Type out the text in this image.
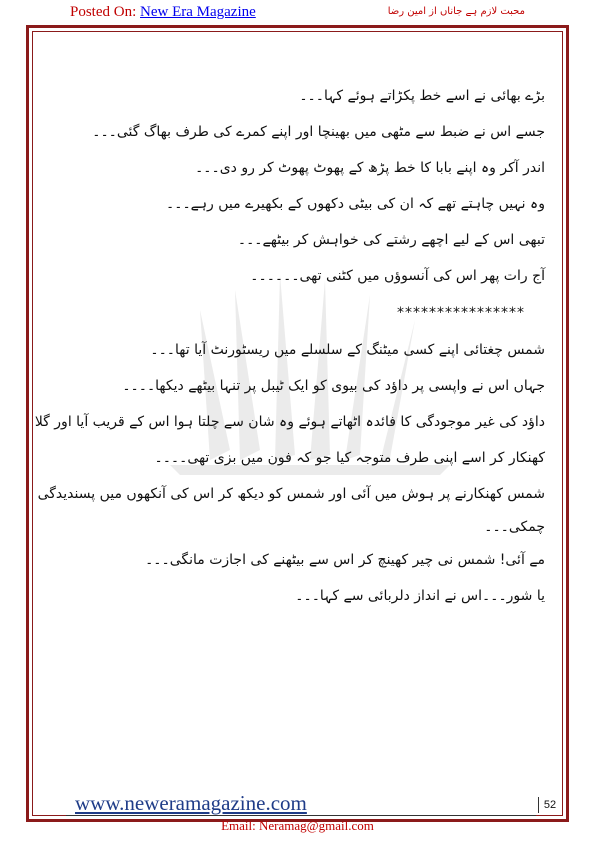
Posted On: New Era Magazine	محبت لازم ہے جاناں از امین رضا
بڑے بھائی نے اسے خط پکڑاتے ہوئے کہا۔۔۔
جسے اس نے ضبط سے مٹھی میں بھینچا اور اپنے کمرے کی طرف بھاگ گئی۔۔۔
اندر آکر وہ اپنے بابا کا خط پڑھ کے پھوٹ پھوٹ کر رو دی۔۔۔
وہ نہیں چاہتے تھے کہ ان کی بیٹی دکھوں کے بکھیرے میں رہے۔۔۔
تبھی اس کے لیے اچھے رشتے کی خواہش کر بیٹھے۔۔۔
آج رات پھر اس کی آنسوؤں میں کٹنی تھی۔۔۔۔۔۔
****************
شمس چغتائی اپنے کسی میٹنگ کے سلسلے میں ریسٹورنٹ آیا تھا۔۔۔
جہاں اس نے واپسی پر داؤد کی بیوی کو ایک ٹیبل پر تنہا بیٹھے دیکھا۔۔۔۔
داؤد کی غیر موجودگی کا فائدہ اٹھاتے ہوئے وہ شان سے چلتا ہوا اس کے قریب آیا اور گلا
کھنکار کر اسے اپنی طرف متوجہ کیا جو کہ فون میں بزی تھی۔۔۔۔
شمس کھنکارنے پر ہوش میں آئی اور شمس کو دیکھ کر اس کی آنکھوں میں پسندیدگی
چمکی۔۔۔
مے آئی! شمس نی چیر کھینچ کر اس سے بیٹھنے کی اجازت مانگی۔۔۔
یا شور۔۔۔اس نے انداز دلربائی سے کہا۔۔۔
www.neweramagazine.com	52
Email: Neramag@gmail.com
